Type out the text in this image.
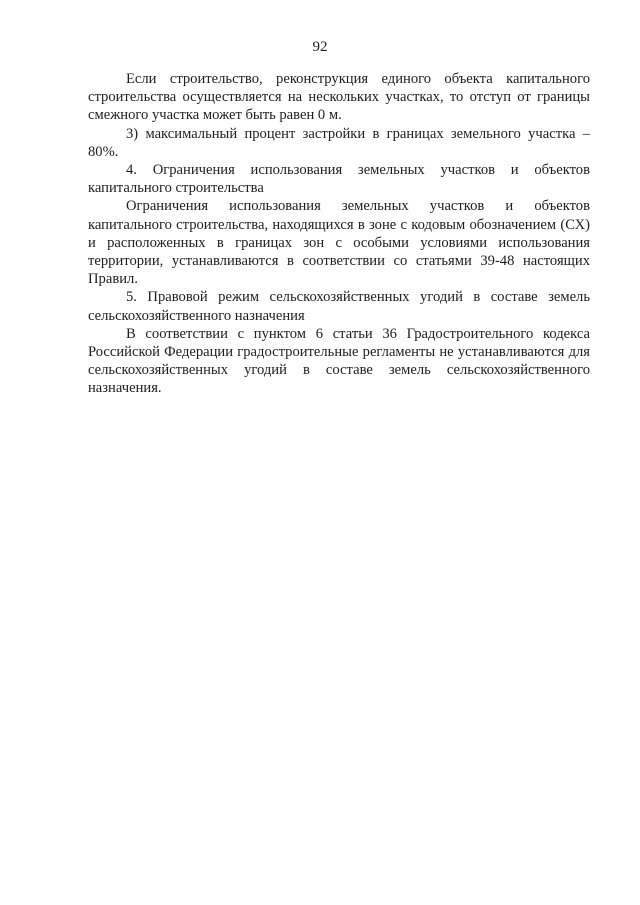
92

Если строительство, реконструкция единого объекта капитального строительства осуществляется на нескольких участках, то отступ от границы смежного участка может быть равен 0 м.

3) максимальный процент застройки в границах земельного участка – 80%.

4. Ограничения использования земельных участков и объектов капитального строительства

Ограничения использования земельных участков и объектов капитального строительства, находящихся в зоне с кодовым обозначением (СХ) и расположенных в границах зон с особыми условиями использования территории, устанавливаются в соответствии со статьями 39-48 настоящих Правил.

5. Правовой режим сельскохозяйственных угодий в составе земель сельскохозяйственного назначения

В соответствии с пунктом 6 статьи 36 Градостроительного кодекса Российской Федерации градостроительные регламенты не устанавливаются для сельскохозяйственных угодий в составе земель сельскохозяйственного назначения.
